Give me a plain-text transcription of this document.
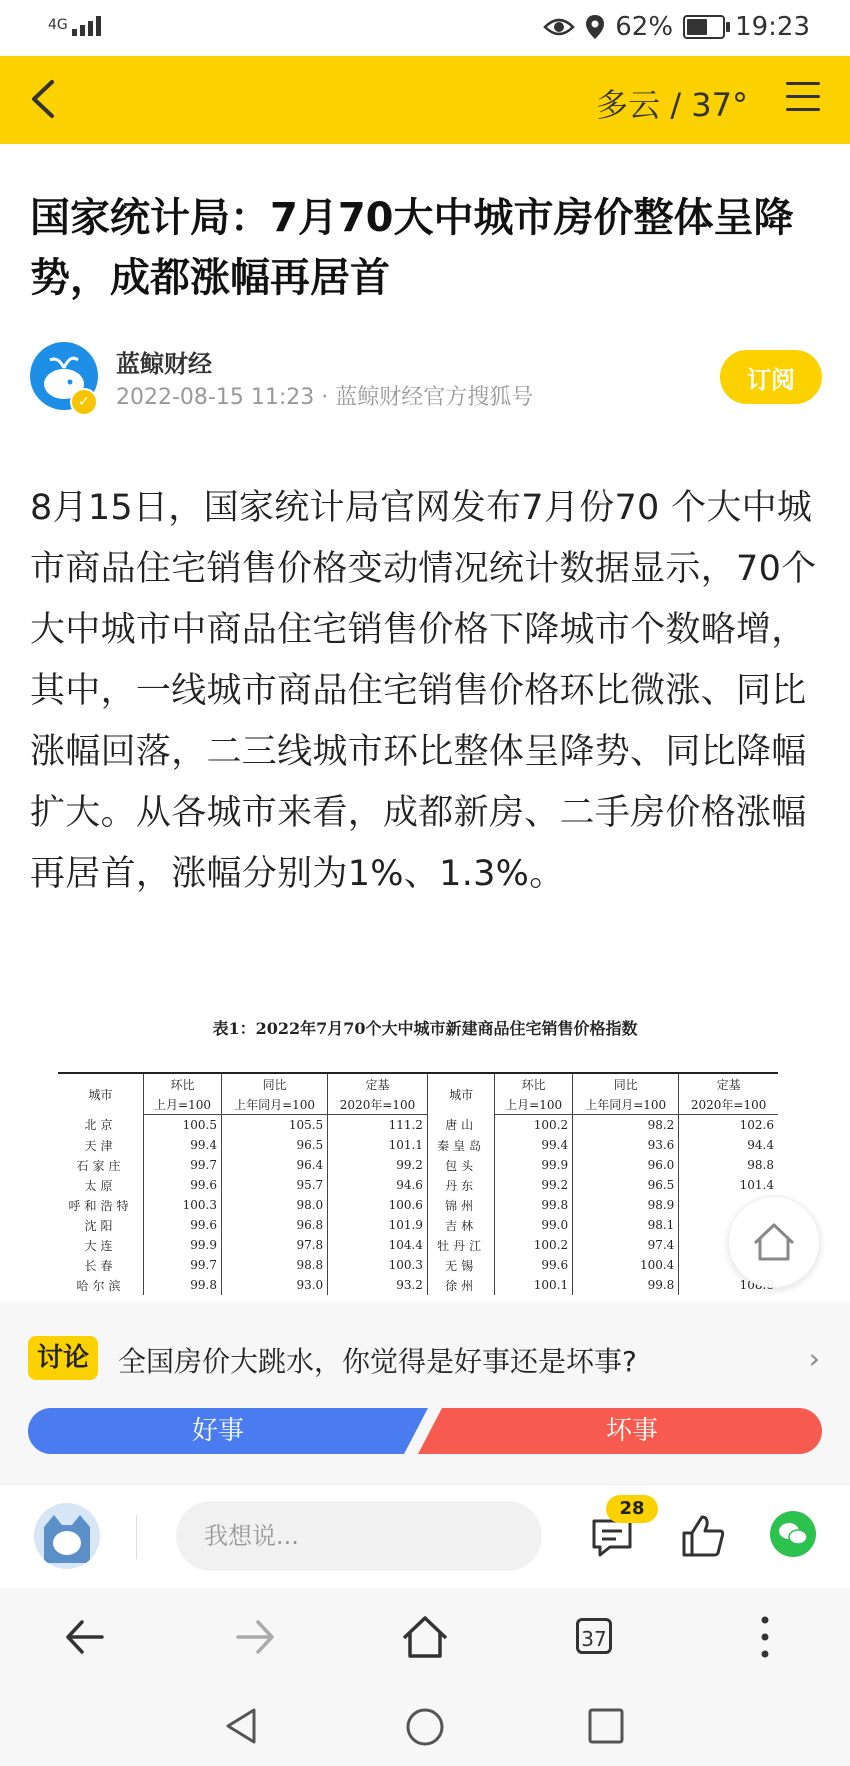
4G	62% 19:23
多云 / 37°
国家统计局：7月70大中城市房价整体呈降势，成都涨幅再居首
✓
蓝鲸财经
2022-08-15 11:23 · 蓝鲸财经官方搜狐号
订阅

8月15日，国家统计局官网发布7月份70 个大中城市商品住宅销售价格变动情况统计数据显示，70个大中城市中商品住宅销售价格下降城市个数略增，其中，一线城市商品住宅销售价格环比微涨、同比涨幅回落，二三线城市环比整体呈降势、同比降幅扩大。从各城市来看，成都新房、二手房价格涨幅再居首，涨幅分别为1%、1.3%。

表1：2022年7月70个大中城市新建商品住宅销售价格指数
城市	环比	同比	定基	城市	环比	同比	定基
	上月=100	上年同月=100	2020年=100		上月=100	上年同月=100	2020年=100
北京	100.5	105.5	111.2	唐山	100.2	98.2	102.6
天津	99.4	96.5	101.1	秦皇岛	99.4	93.6	94.4
石家庄	99.7	96.4	99.2	包头	99.9	96.0	98.8
太原	99.6	95.7	94.6	丹东	99.2	96.5	101.4
呼和浩特	100.3	98.0	100.6	锦州	99.8	98.9	
沈阳	99.6	96.8	101.9	吉林	99.0	98.1	
大连	99.9	97.8	104.4	牡丹江	100.2	97.4	
长春	99.7	98.8	100.3	无锡	99.6	100.4	
哈尔滨	99.8	93.0	93.2	徐州	100.1	99.8	108.8
讨论	全国房价大跳水，你觉得是好事还是坏事?	›
好事	坏事
我想说...
28
37
